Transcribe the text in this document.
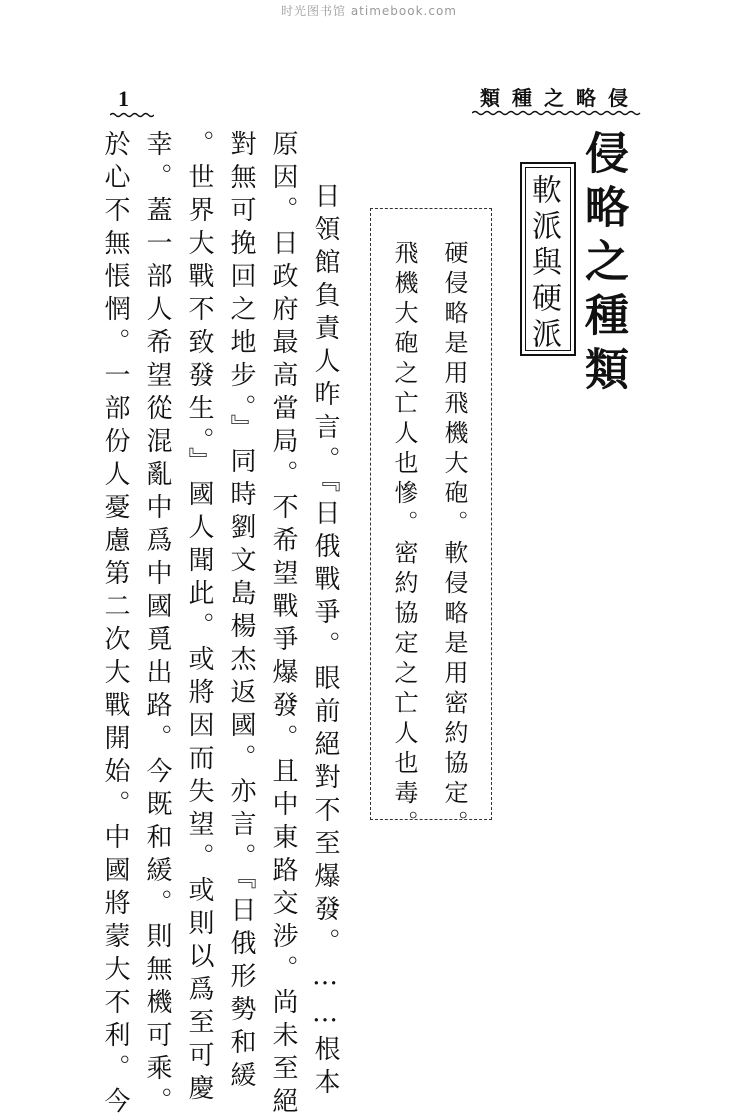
时光图书馆 atimebook.com
1	類種之略侵
侵略之種類
軟派與硬派
硬侵略是用飛機大砲。軟侵略是用密約協定。
飛機大砲之亡人也慘。密約協定之亡人也毒。
日領館負責人昨言。『日俄戰爭。眼前絕對不至爆發。……根本
原因。日政府最高當局。不希望戰爭爆發。且中東路交涉。尚未至絕
對無可挽回之地步。』同時劉文島楊杰返國。亦言。『日俄形勢和緩
。世界大戰不致發生。』國人聞此。或將因而失望。或則以爲至可慶
幸。蓋一部人希望從混亂中爲中國覓出路。今既和緩。則無機可乘。
於心不無悵惘。一部份人憂慮第二次大戰開始。中國將蒙大不利。今
